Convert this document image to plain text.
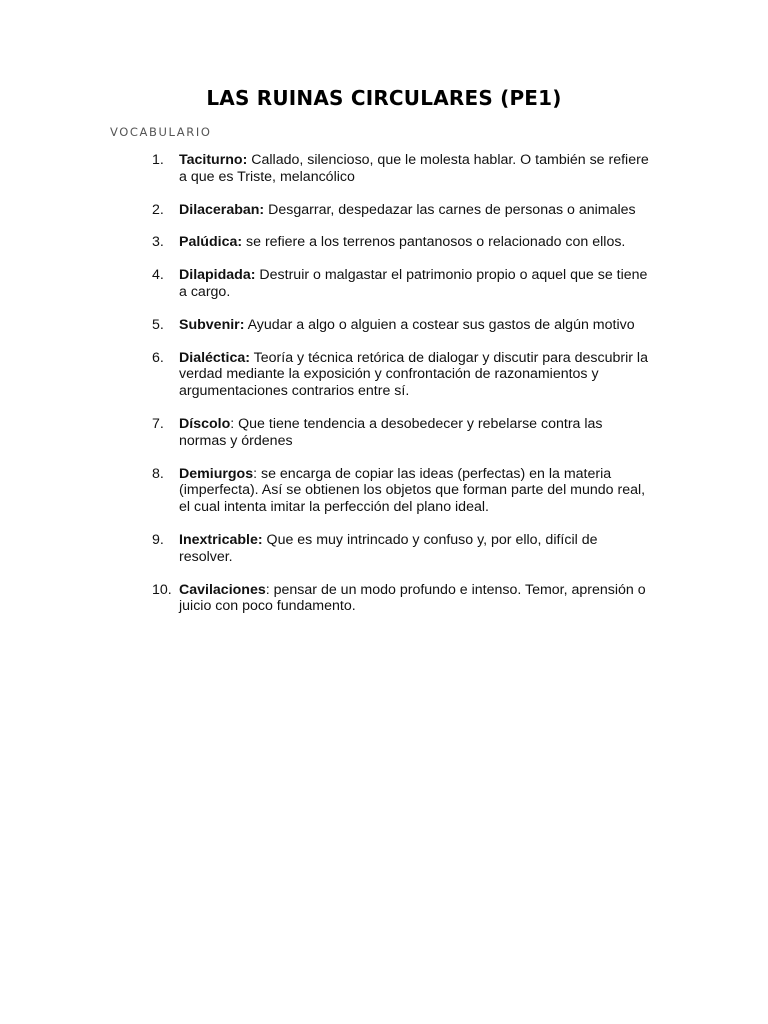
LAS RUINAS CIRCULARES (PE1)
VOCABULARIO
1.	Taciturno: Callado, silencioso, que le molesta hablar. O también se refiere a que es Triste, melancólico
2.	Dilaceraban: Desgarrar, despedazar las carnes de personas o animales
3.	Palúdica: se refiere a los terrenos pantanosos o relacionado con ellos.
4.	Dilapidada: Destruir o malgastar el patrimonio propio o aquel que se tiene a cargo.
5.	Subvenir: Ayudar a algo o alguien a costear sus gastos de algún motivo
6.	Dialéctica: Teoría y técnica retórica de dialogar y discutir para descubrir la verdad mediante la exposición y confrontación de razonamientos y argumentaciones contrarios entre sí.
7.	Díscolo: Que tiene tendencia a desobedecer y rebelarse contra las normas y órdenes
8.	Demiurgos: se encarga de copiar las ideas (perfectas) en la materia (imperfecta). Así se obtienen los objetos que forman parte del mundo real, el cual intenta imitar la perfección del plano ideal.
9.	Inextricable: Que es muy intrincado y confuso y, por ello, difícil de resolver.
10. Cavilaciones: pensar de un modo profundo e intenso. Temor, aprensión o juicio con poco fundamento.
